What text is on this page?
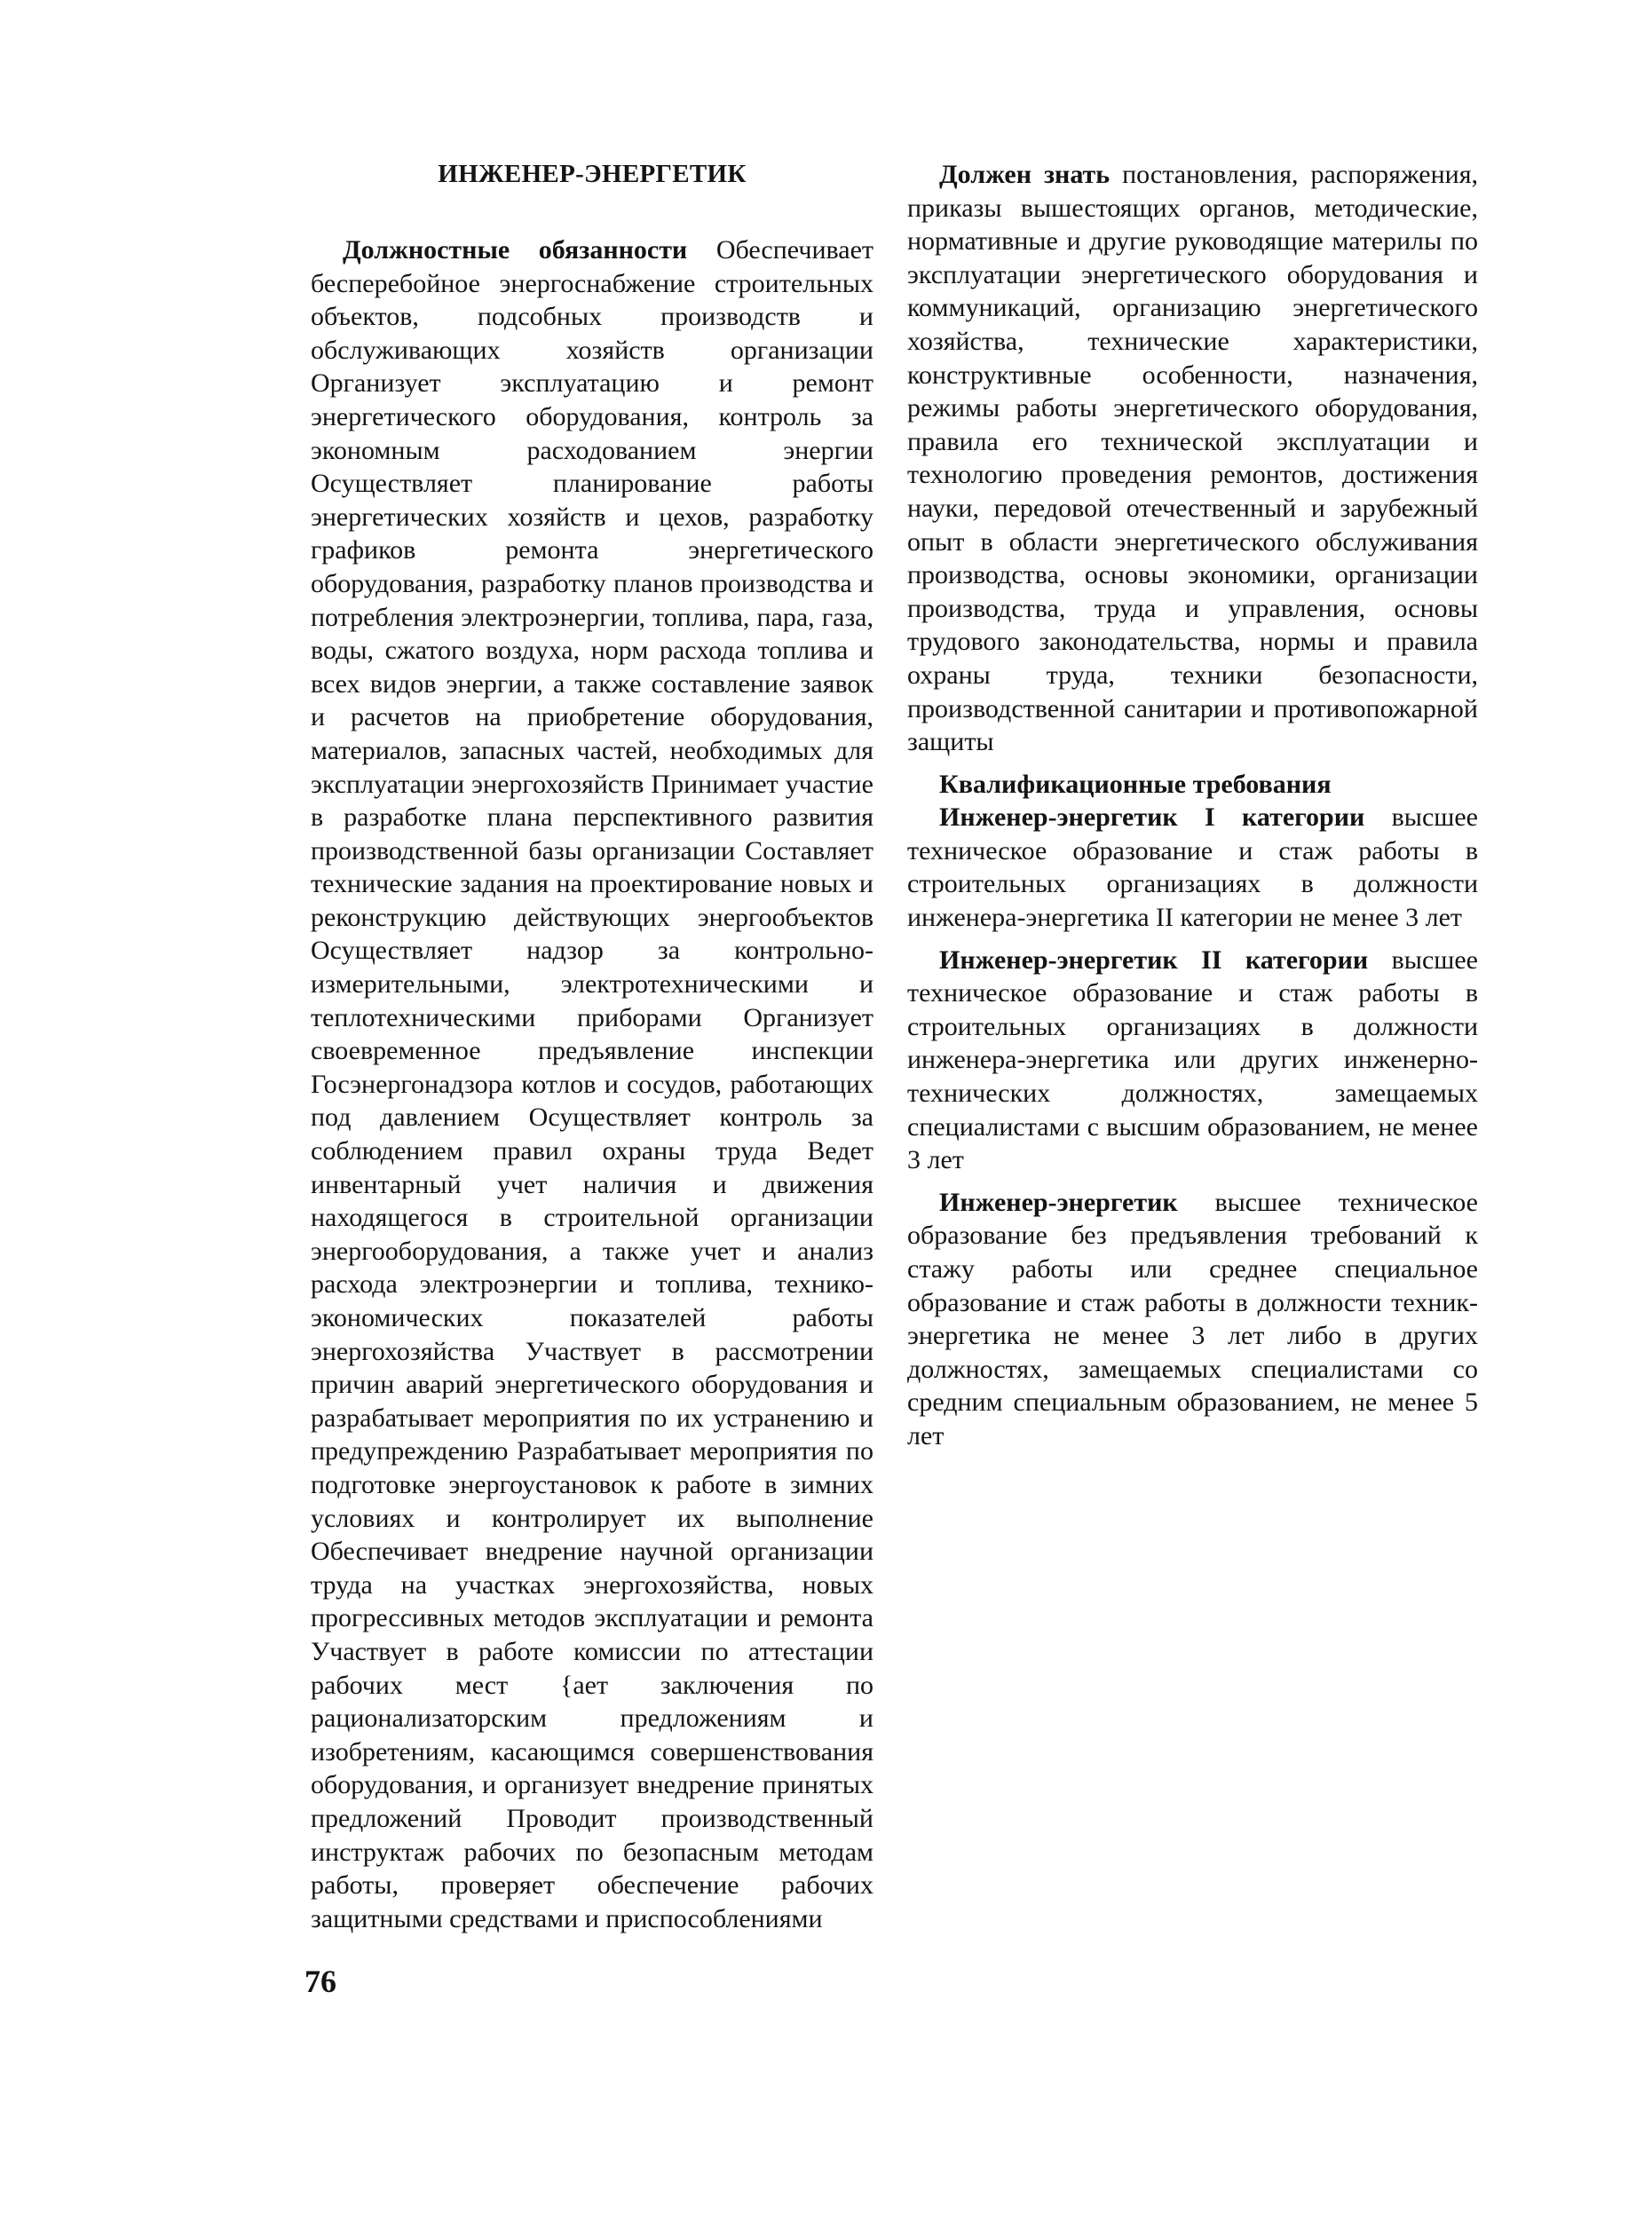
ИНЖЕНЕР-ЭНЕРГЕТИК

Должностные обязанности Обеспечивает бесперебойное энергоснабжение строительных объектов, подсобных производств и обслуживающих хозяйств организации Организует эксплуатацию и ремонт энергетического оборудования, контроль за экономным расходованием энергии Осуществляет планирование работы энергетических хозяйств и цехов, разработку графиков ремонта энергетического оборудования, разработку планов производства и потребления электроэнергии, топлива, пара, газа, воды, сжатого воздуха, норм расхода топлива и всех видов энергии, а также составление заявок и расчетов на приобретение оборудования, материалов, запасных частей, необходимых для эксплуатации энергохозяйств Принимает участие в разработке плана перспективного развития производственной базы организации Составляет технические задания на проектирование новых и реконструкцию действующих энергообъектов Осуществляет надзор за контрольно-измерительными, электротехническими и теплотехническими приборами Организует своевременное предъявление инспекции Госэнергонадзора котлов и сосудов, работающих под давлением Осуществляет контроль за соблюдением правил охраны труда Ведет инвентарный учет наличия и движения находящегося в строительной организации энергооборудования, а также учет и анализ расхода электроэнергии и топлива, технико-экономических показателей работы энергохозяйства Участвует в рассмотрении причин аварий энергетического оборудования и разрабатывает мероприятия по их устранению и предупреждению Разрабатывает мероприятия по подготовке энергоустановок к работе в зимних условиях и контролирует их выполнение Обеспечивает внедрение научной организации труда на участках энергохозяйства, новых прогрессивных методов эксплуатации и ремонта Участвует в работе комиссии по аттестации рабочих мест {ает заключения по рационализаторским предложениям и изобретениям, касающимся совершенствования оборудования, и организует внедрение принятых предложений Проводит производственный инструктаж рабочих по безопасным методам работы, проверяет обеспечение рабочих защитными средствами и приспособлениями

Должен знать постановления, распоряжения, приказы вышестоящих органов, методические, нормативные и другие руководящие материлы по эксплуатации энергетического оборудования и коммуникаций, организацию энергетического хозяйства, технические характеристики, конструктивные особенности, назначения, режимы работы энергетического оборудования, правила его технической эксплуатации и технологию проведения ремонтов, достижения науки, передовой отечественный и зарубежный опыт в области энергетического обслуживания производства, основы экономики, организации производства, труда и управления, основы трудового законодательства, нормы и правила охраны труда, техники безопасности, производственной санитарии и противопожарной защиты

Квалификационные требования

Инженер-энергетик I категории высшее техническое образование и стаж работы в строительных организациях в должности инженера-энергетика II категории не менее 3 лет

Инженер-энергетик II категории высшее техническое образование и стаж работы в строительных организациях в должности инженера-энергетика или других инженерно-технических должностях, замещаемых специалистами с высшим образованием, не менее 3 лет

Инженер-энергетик высшее техническое образование без предъявления требований к стажу работы или среднее специальное образование и стаж работы в должности техник-энергетика не менее 3 лет либо в других должностях, замещаемых специалистами со средним специальным образованием, не менее 5 лет

76
